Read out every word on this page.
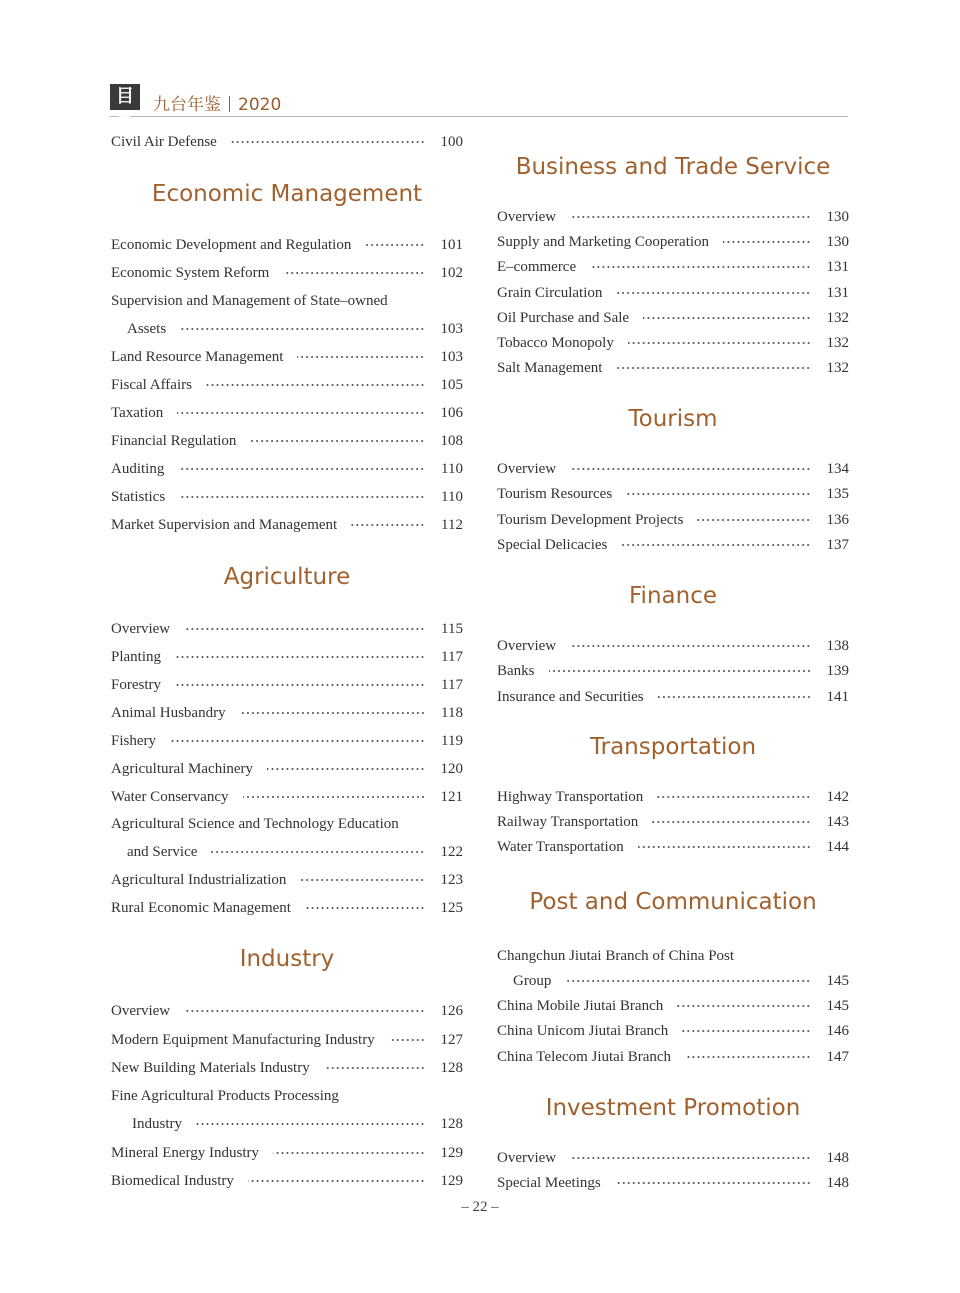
目录
九台年鉴 2020
Civil Air Defense	100
Economic Management
Economic Development and Regulation	101
Economic System Reform	102
Supervision and Management of State–owned
Assets	103
Land Resource Management	103
Fiscal Affairs	105
Taxation	106
Financial Regulation	108
Auditing	110
Statistics	110
Market Supervision and Management	112
Agriculture
Overview	115
Planting	117
Forestry	117
Animal Husbandry	118
Fishery	119
Agricultural Machinery	120
Water Conservancy	121
Agricultural Science and Technology Education
and Service	122
Agricultural Industrialization	123
Rural Economic Management	125
Industry
Overview	126
Modern Equipment Manufacturing Industry	127
New Building Materials Industry	128
Fine Agricultural Products Processing
Industry	128
Mineral Energy Industry	129
Biomedical Industry	129
Business and Trade Service
Overview	130
Supply and Marketing Cooperation	130
E–commerce	131
Grain Circulation	131
Oil Purchase and Sale	132
Tobacco Monopoly	132
Salt Management	132
Tourism
Overview	134
Tourism Resources	135
Tourism Development Projects	136
Special Delicacies	137
Finance
Overview	138
Banks	139
Insurance and Securities	141
Transportation
Highway Transportation	142
Railway Transportation	143
Water Transportation	144
Post and Communication
Changchun Jiutai Branch of China Post
Group	145
China Mobile Jiutai Branch	145
China Unicom Jiutai Branch	146
China Telecom Jiutai Branch	147
Investment Promotion
Overview	148
Special Meetings	148
– 22 –
